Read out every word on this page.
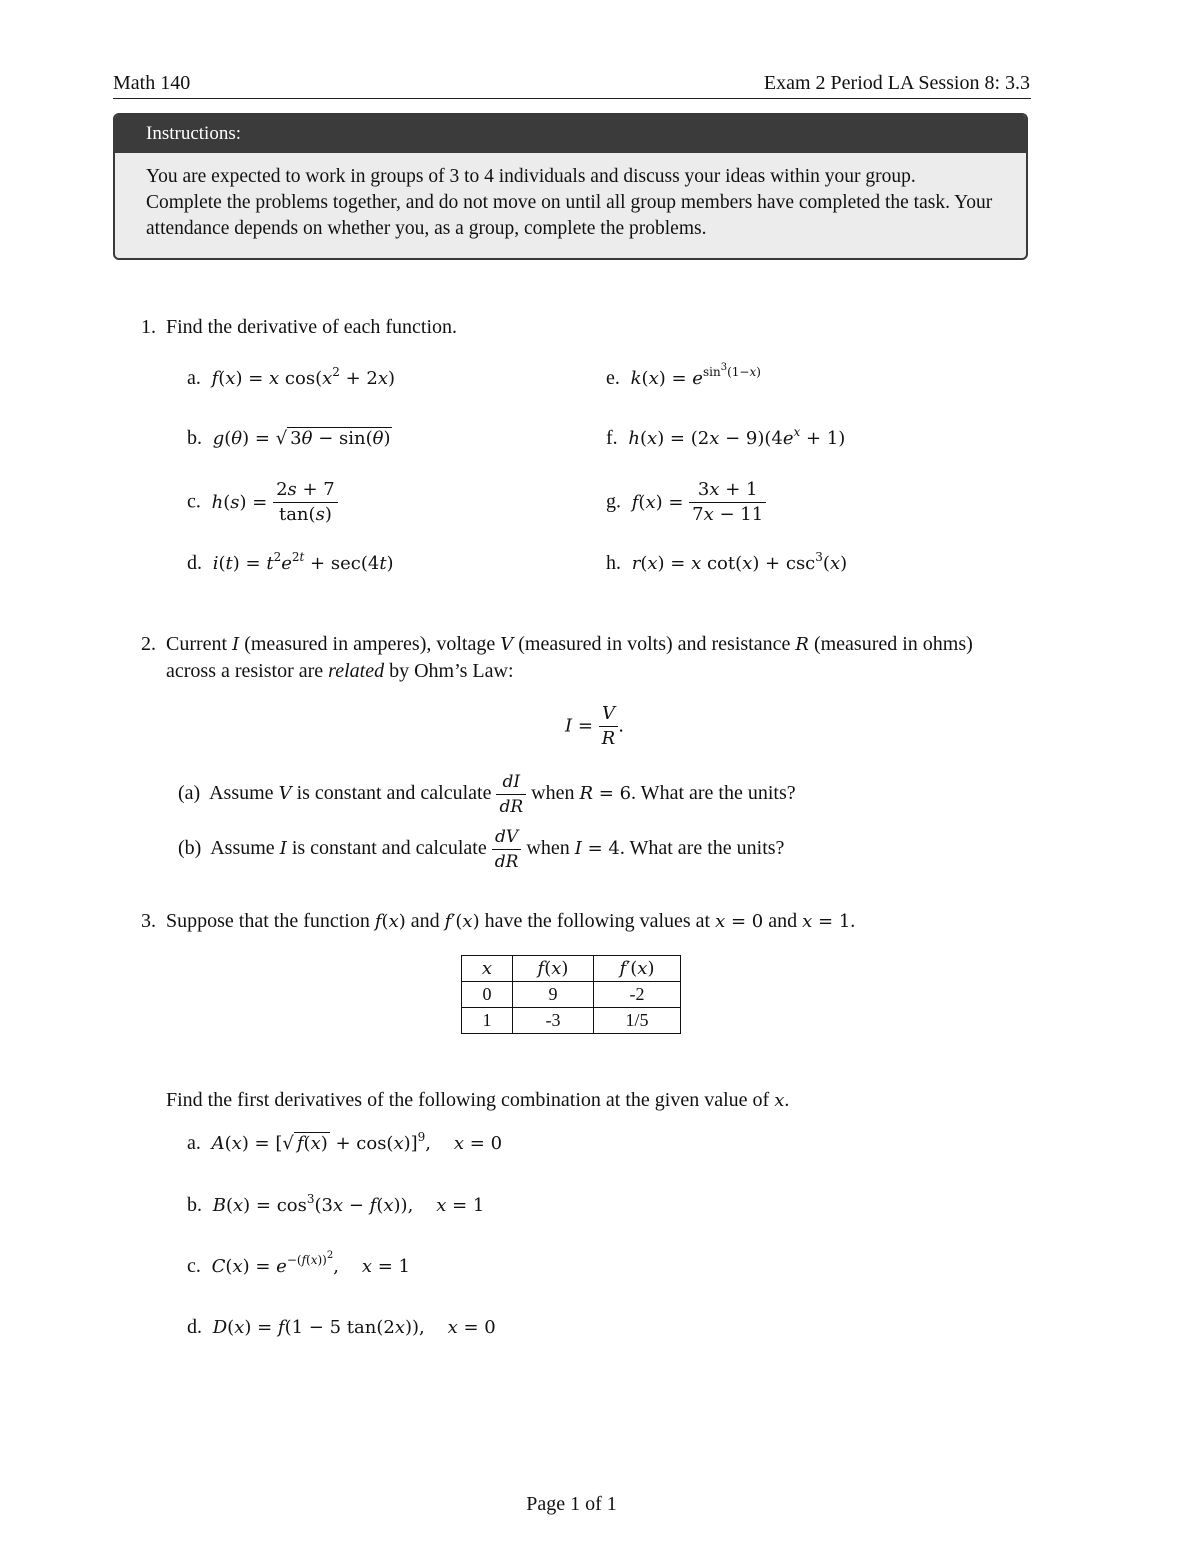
Math 140	Exam 2 Period LA Session 8: 3.3
Instructions:
You are expected to work in groups of 3 to 4 individuals and discuss your ideas within your group. Complete the problems together, and do not move on until all group members have completed the task. Your attendance depends on whether you, as a group, complete the problems.
1. Find the derivative of each function.
a. f(x) = x $\cos(x^2 + 2x)$
b. g(θ) = √ 3θ − sin(θ)
c. $h(s) = \frac{2s + 7}{\tan(s)}$
d. $i(t) = t^2e^{2t} + \sec(4t)$
e. $k(x) = e^{sin^3(1-x)}$
f. $h(x) = (2x - 9)(4e^x + 1)$
g. $f(x) = \frac{3x + 1}{7x - 11}$
h. r(x) = x $\cot(x) + \csc^3(x)$
2. Current I (measured in amperes), voltage V (measured in volts) and resistance R (measured in ohms)
across a resistor are related by Ohm’s Law:
$I = \frac{V}{R}$ .
(a) Assume V is constant and calculate $\frac{dI}{dR}$ when R = 6. What are the units?
(b) Assume I is constant and calculate $\frac{dV}{dR}$ when I = 4. What are the units?
3. Suppose that the function f(x) and f′(x) have the following values at x = 0 and x = 1.
x	f(x)	f′(x)
0	9	-2
1	-3	1/5
Find the first derivatives of the following combination at the given value of x.
a. A(x) = [√ f(x) + cos(x)]$^9$,    x = 0
b. $B(x) = \cos^3(3x - f(x))$,    x = 1
c. $C(x) = e^{-(f(x))^2}$,    x = 1
d. D(x) = f(1 − 5 tan(2x)),    x = 0
Page 1 of 1
